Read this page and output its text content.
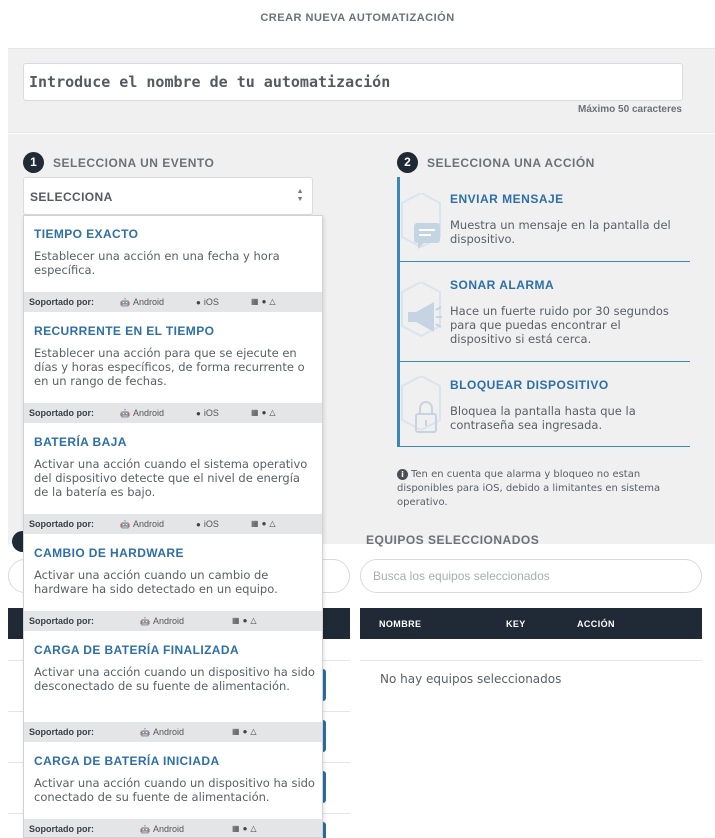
CREAR NUEVA AUTOMATIZACIÓN
Introduce el nombre de tu automatización
Máximo 50 caracteres
1	SELECCIONA UN EVENTO
SELECCIONA	▲
▼
TIEMPO EXACTO
Establecer una acción en una fecha y hora específica.
Soportado por:	🤖 Android	● iOS	▦ ● △
RECURRENTE EN EL TIEMPO
Establecer una acción para que se ejecute en días y horas específicos, de forma recurrente o en un rango de fechas.
Soportado por:	🤖 Android	● iOS	▦ ● △
BATERÍA BAJA
Activar una acción cuando el sistema operativo del dispositivo detecte que el nivel de energía de la batería es bajo.
Soportado por:	🤖 Android	● iOS	▦ ● △
CAMBIO DE HARDWARE
Activar una acción cuando un cambio de hardware ha sido detectado en un equipo.
Soportado por:	🤖 Android	▦ ● △
CARGA DE BATERÍA FINALIZADA
Activar una acción cuando un dispositivo ha sido desconectado de su fuente de alimentación.
Soportado por:	🤖 Android	▦ ● △
CARGA DE BATERÍA INICIADA
Activar una acción cuando un dispositivo ha sido conectado de su fuente de alimentación.
Soportado por:	🤖 Android	▦ ● △
2	SELECCIONA UNA ACCIÓN
ENVIAR MENSAJE
Muestra un mensaje en la pantalla del dispositivo.
SONAR ALARMA
Hace un fuerte ruido por 30 segundos para que puedas encontrar el dispositivo si está cerca.
BLOQUEAR DISPOSITIVO
Bloquea la pantalla hasta que la contraseña sea ingresada.
i Ten en cuenta que alarma y bloqueo no estan disponibles para iOS, debido a limitantes en sistema operativo.
EQUIPOS SELECCIONADOS
Busca los equipos seleccionados
NOMBRE	KEY	ACCIÓN
No hay equipos seleccionados
